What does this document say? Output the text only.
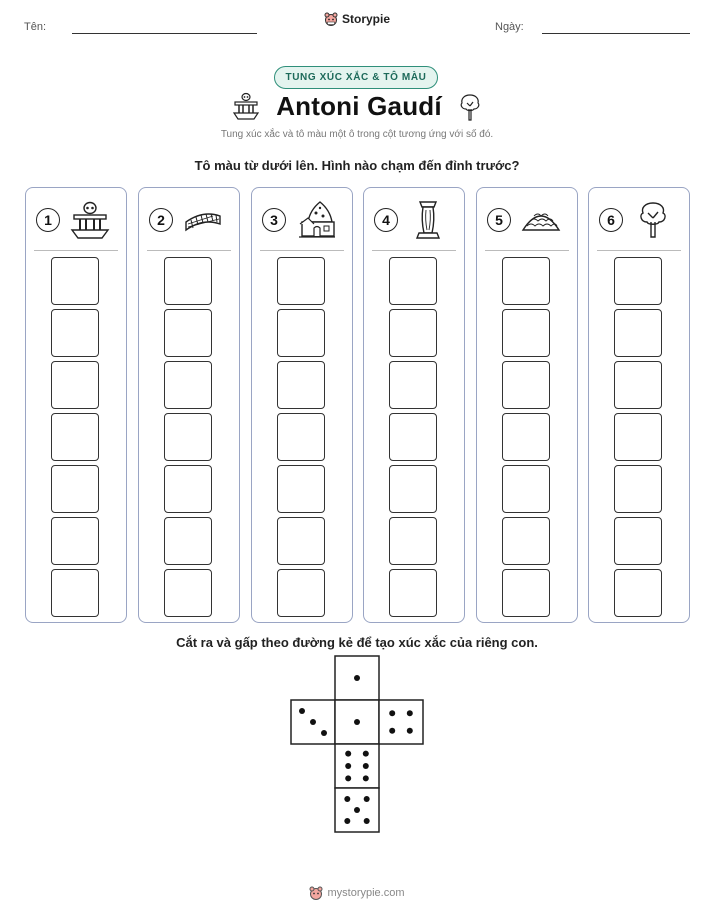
Tên:	Ngày:
Storypie
TUNG XÚC XẮC & TÔ MÀU
Antoni Gaudí
Tung xúc xắc và tô màu một ô trong cột tương ứng với số đó.
Tô màu từ dưới lên. Hình nào chạm đến đỉnh trước?
1	2	3	4	5	6
Cắt ra và gấp theo đường kẻ để tạo xúc xắc của riêng con.
mystorypie.com
